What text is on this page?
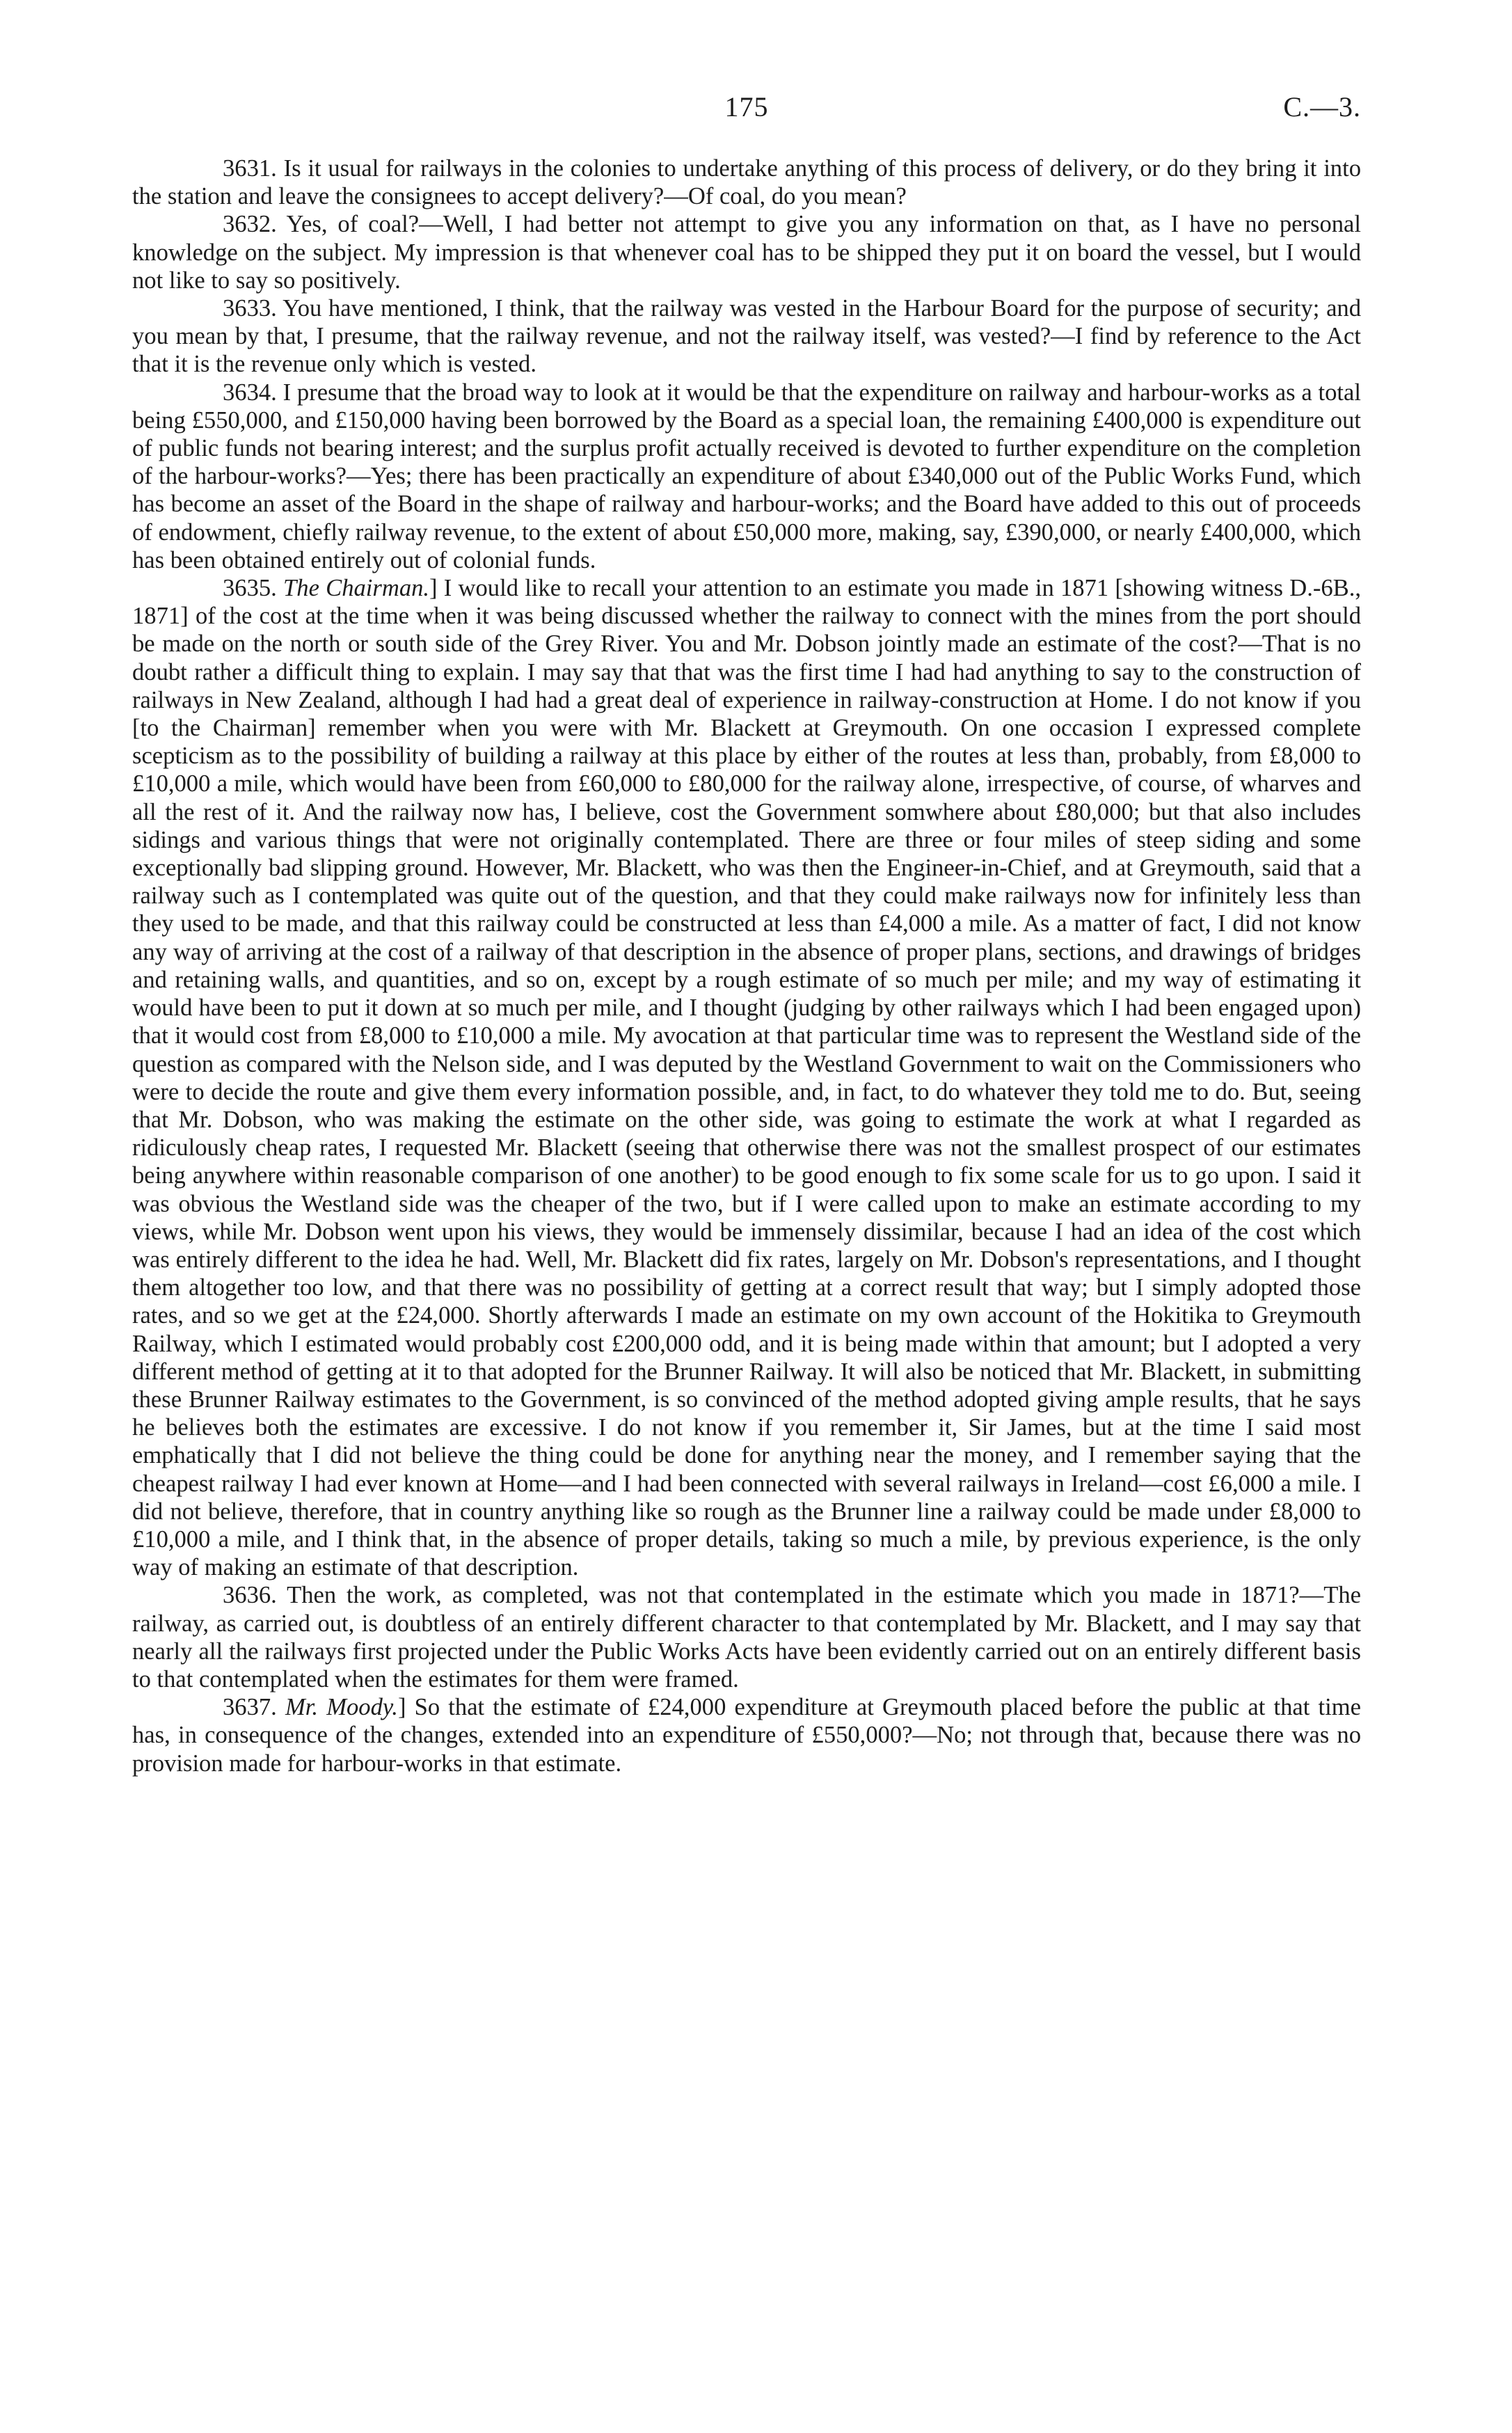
175	C.—3.

3631. Is it usual for railways in the colonies to undertake anything of this process of delivery, or do they bring it into the station and leave the consignees to accept delivery?—Of coal, do you mean?

3632. Yes, of coal?—Well, I had better not attempt to give you any information on that, as I have no personal knowledge on the subject. My impression is that whenever coal has to be shipped they put it on board the vessel, but I would not like to say so positively.

3633. You have mentioned, I think, that the railway was vested in the Harbour Board for the purpose of security; and you mean by that, I presume, that the railway revenue, and not the railway itself, was vested?—I find by reference to the Act that it is the revenue only which is vested.

3634. I presume that the broad way to look at it would be that the expenditure on railway and harbour-works as a total being £550,000, and £150,000 having been borrowed by the Board as a special loan, the remaining £400,000 is expenditure out of public funds not bearing interest; and the surplus profit actually received is devoted to further expenditure on the completion of the harbour-works?—Yes; there has been practically an expenditure of about £340,000 out of the Public Works Fund, which has become an asset of the Board in the shape of railway and harbour-works; and the Board have added to this out of proceeds of endowment, chiefly railway revenue, to the extent of about £50,000 more, making, say, £390,000, or nearly £400,000, which has been obtained entirely out of colonial funds.

3635. The Chairman.] I would like to recall your attention to an estimate you made in 1871 [showing witness D.-6B., 1871] of the cost at the time when it was being discussed whether the railway to connect with the mines from the port should be made on the north or south side of the Grey River. You and Mr. Dobson jointly made an estimate of the cost?—That is no doubt rather a difficult thing to explain. I may say that that was the first time I had had anything to say to the construction of railways in New Zealand, although I had had a great deal of experience in railway-construction at Home. I do not know if you [to the Chairman] remember when you were with Mr. Blackett at Greymouth. On one occasion I expressed complete scepticism as to the possibility of building a railway at this place by either of the routes at less than, probably, from £8,000 to £10,000 a mile, which would have been from £60,000 to £80,000 for the railway alone, irrespective, of course, of wharves and all the rest of it. And the railway now has, I believe, cost the Government somwhere about £80,000; but that also includes sidings and various things that were not originally contemplated. There are three or four miles of steep siding and some exceptionally bad slipping ground. However, Mr. Blackett, who was then the Engineer-in-Chief, and at Greymouth, said that a railway such as I contemplated was quite out of the question, and that they could make railways now for infinitely less than they used to be made, and that this railway could be constructed at less than £4,000 a mile. As a matter of fact, I did not know any way of arriving at the cost of a railway of that description in the absence of proper plans, sections, and drawings of bridges and retaining walls, and quantities, and so on, except by a rough estimate of so much per mile; and my way of estimating it would have been to put it down at so much per mile, and I thought (judging by other railways which I had been engaged upon) that it would cost from £8,000 to £10,000 a mile. My avocation at that particular time was to represent the Westland side of the question as compared with the Nelson side, and I was deputed by the Westland Government to wait on the Commissioners who were to decide the route and give them every information possible, and, in fact, to do whatever they told me to do. But, seeing that Mr. Dobson, who was making the estimate on the other side, was going to estimate the work at what I regarded as ridiculously cheap rates, I requested Mr. Blackett (seeing that otherwise there was not the smallest prospect of our estimates being anywhere within reasonable comparison of one another) to be good enough to fix some scale for us to go upon. I said it was obvious the Westland side was the cheaper of the two, but if I were called upon to make an estimate according to my views, while Mr. Dobson went upon his views, they would be immensely dissimilar, because I had an idea of the cost which was entirely different to the idea he had. Well, Mr. Blackett did fix rates, largely on Mr. Dobson's representations, and I thought them altogether too low, and that there was no possibility of getting at a correct result that way; but I simply adopted those rates, and so we get at the £24,000. Shortly afterwards I made an estimate on my own account of the Hokitika to Greymouth Railway, which I estimated would probably cost £200,000 odd, and it is being made within that amount; but I adopted a very different method of getting at it to that adopted for the Brunner Railway. It will also be noticed that Mr. Blackett, in submitting these Brunner Railway estimates to the Government, is so convinced of the method adopted giving ample results, that he says he believes both the estimates are excessive. I do not know if you remember it, Sir James, but at the time I said most emphatically that I did not believe the thing could be done for anything near the money, and I remember saying that the cheapest railway I had ever known at Home—and I had been connected with several railways in Ireland—cost £6,000 a mile. I did not believe, therefore, that in country anything like so rough as the Brunner line a railway could be made under £8,000 to £10,000 a mile, and I think that, in the absence of proper details, taking so much a mile, by previous experience, is the only way of making an estimate of that description.

3636. Then the work, as completed, was not that contemplated in the estimate which you made in 1871?—The railway, as carried out, is doubtless of an entirely different character to that contemplated by Mr. Blackett, and I may say that nearly all the railways first projected under the Public Works Acts have been evidently carried out on an entirely different basis to that contemplated when the estimates for them were framed.

3637. Mr. Moody.] So that the estimate of £24,000 expenditure at Greymouth placed before the public at that time has, in consequence of the changes, extended into an expenditure of £550,000?—No; not through that, because there was no provision made for harbour-works in that estimate.
